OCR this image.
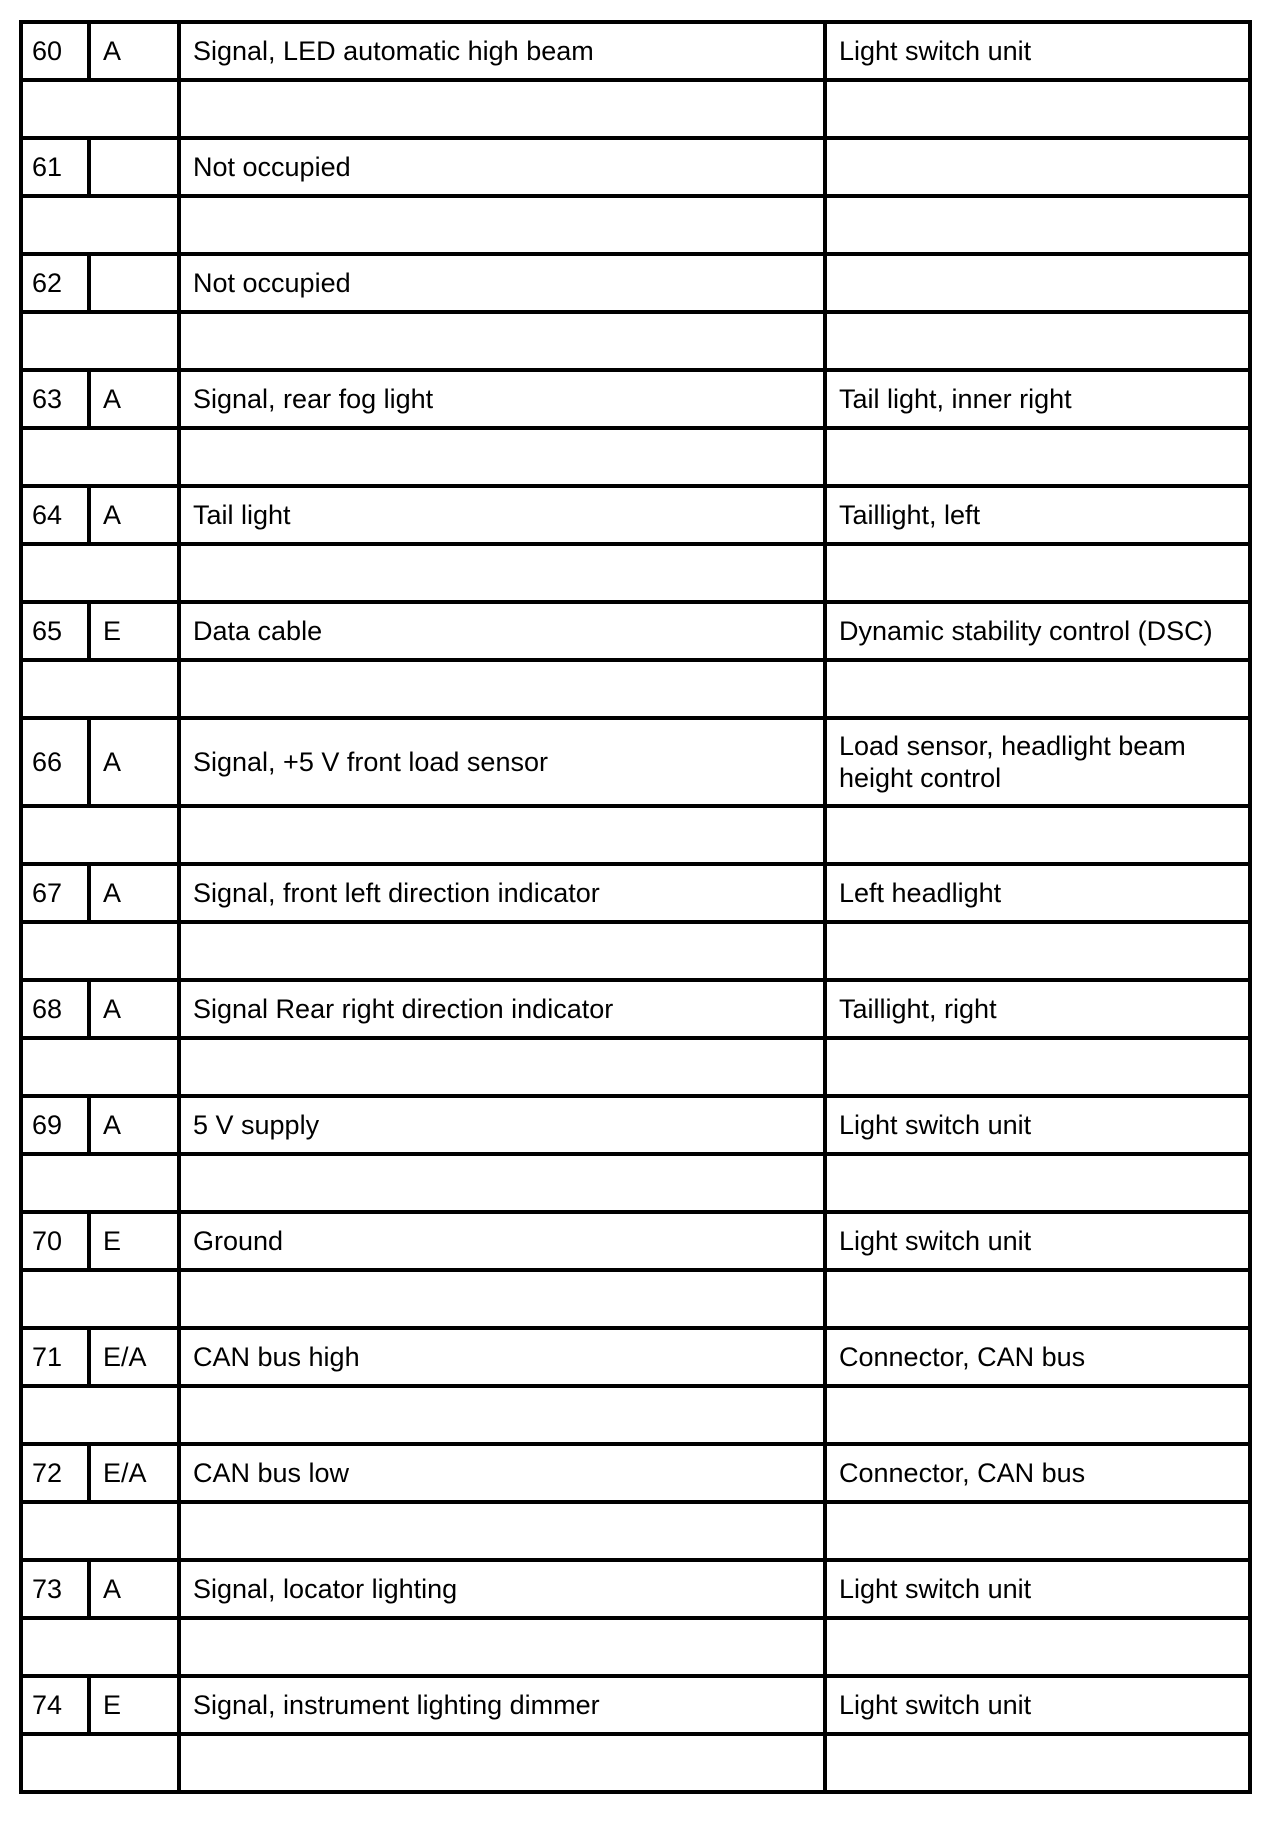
60	A	Signal, LED automatic high beam	Light switch unit

61		Not occupied	

62		Not occupied	

63	A	Signal, rear fog light	Tail light, inner right

64	A	Tail light	Taillight, left

65	E	Data cable	Dynamic stability control (DSC)

66	A	Signal, +5 V front load sensor	Load sensor, headlight beam height control

67	A	Signal, front left direction indicator	Left headlight

68	A	Signal Rear right direction indicator	Taillight, right

69	A	5 V supply	Light switch unit

70	E	Ground	Light switch unit

71	E/A	CAN bus high	Connector, CAN bus

72	E/A	CAN bus low	Connector, CAN bus

73	A	Signal, locator lighting	Light switch unit

74	E	Signal, instrument lighting dimmer	Light switch unit
